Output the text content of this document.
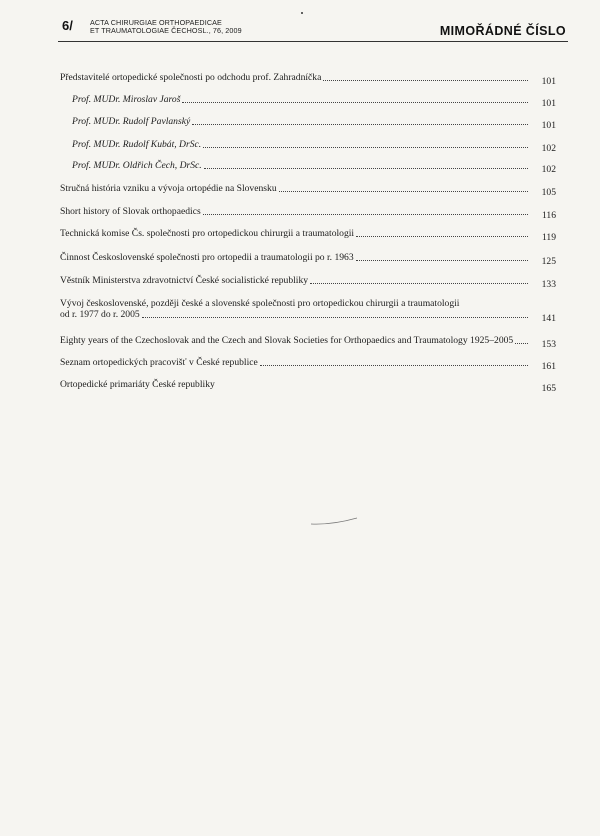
6/ ACTA CHIRURGIAE ORTHOPAEDICAE
ET TRAUMATOLOGIAE ČECHOSL., 76, 2009	MIMOŘÁDNÉ ČÍSLO
Představitelé ortopedické společnosti po odchodu prof. Zahradníčka	101
Prof. MUDr. Miroslav Jaroš	101
Prof. MUDr. Rudolf Pavlanský	101
Prof. MUDr. Rudolf Kubát, DrSc.	102
Prof. MUDr. Oldřich Čech, DrSc.	102
Stručná história vzniku a vývoja ortopédie na Slovensku	105
Short history of Slovak orthopaedics	116
Technická komise Čs. společnosti pro ortopedickou chirurgii a traumatologii	119
Činnost Československé společnosti pro ortopedii a traumatologii po r. 1963	125
Věstník Ministerstva zdravotnictví České socialistické republiky	133
Vývoj československé, později české a slovenské společnosti pro ortopedickou chirurgii a traumatologii
od r. 1977 do r. 2005	141
Eighty years of the Czechoslovak and the Czech and Slovak Societies for Orthopaedics and Traumatology 1925–2005	153
Seznam ortopedických pracovišť v České republice	161
Ortopedické primariáty České republiky	165
